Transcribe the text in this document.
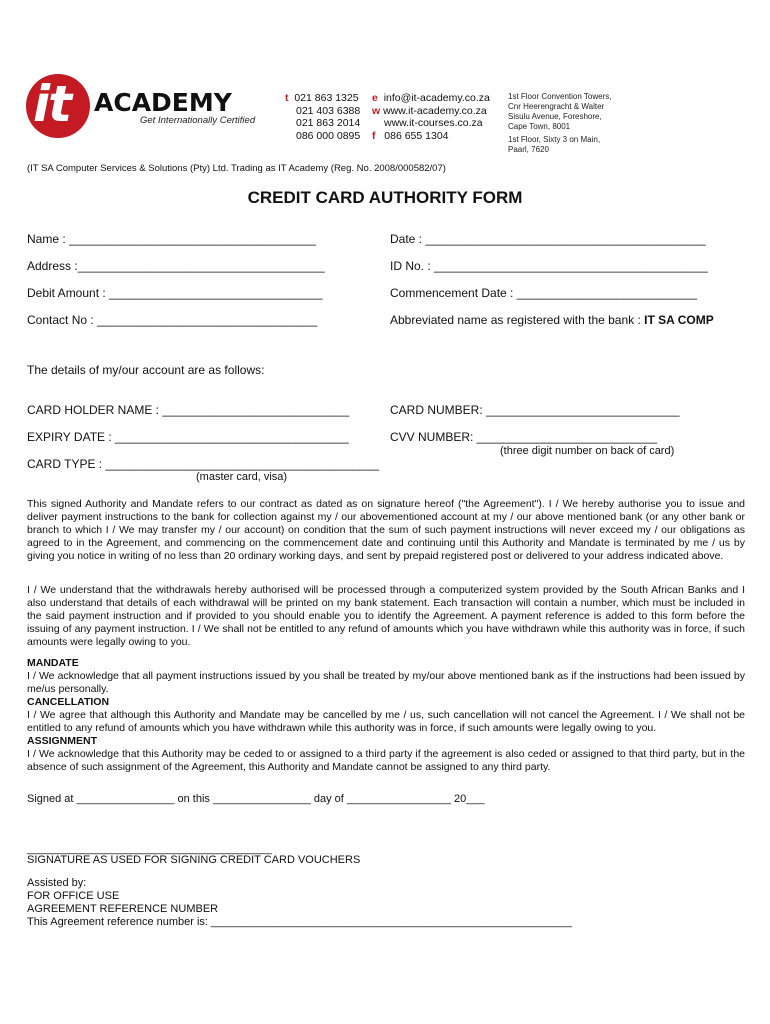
it ACADEMY
Get Internationally Certified
t 021 863 1325
021 403 6388
021 863 2014
086 000 0895
e info@it-academy.co.za
w www.it-academy.co.za
www.it-courses.co.za
f 086 655 1304
1st Floor Convention Towers,
Cnr Heerengracht & Walter
Sisulu Avenue, Foreshore,
Cape Town, 8001
1st Floor, Sixty 3 on Main,
Paarl, 7620
(IT SA Computer Services & Solutions (Pty) Ltd. Trading as IT Academy (Reg. No. 2008/000582/07)
CREDIT CARD AUTHORITY FORM
Name : _____________________________________	Date : __________________________________________
Address :_____________________________________	ID No. : _________________________________________
Debit Amount : ________________________________	Commencement Date : ___________________________
Contact No : _________________________________	Abbreviated name as registered with the bank : IT SA COMP
The details of my/our account are as follows:
CARD HOLDER NAME : ____________________________	CARD NUMBER: _____________________________
EXPIRY DATE : ___________________________________	CVV NUMBER: ___________________________
(three digit number on back of card)
CARD TYPE : _________________________________________
(master card, visa)
This signed Authority and Mandate refers to our contract as dated as on signature hereof ("the Agreement"). I / We hereby authorise you to issue and deliver payment instructions to the bank for collection against my / our abovementioned account at my / our above mentioned bank (or any other bank or branch to which I / We may transfer my / our account) on condition that the sum of such payment instructions will never exceed my / our obligations as agreed to in the Agreement, and commencing on the commencement date and continuing until this Authority and Mandate is terminated by me / us by giving you notice in writing of no less than 20 ordinary working days, and sent by prepaid registered post or delivered to your address indicated above.
I / We understand that the withdrawals hereby authorised will be processed through a computerized system provided by the South African Banks and I also understand that details of each withdrawal will be printed on my bank statement. Each transaction will contain a number, which must be included in the said payment instruction and if provided to you should enable you to identify the Agreement. A payment reference is added to this form before the issuing of any payment instruction. I / We shall not be entitled to any refund of amounts which you have withdrawn while this authority was in force, if such amounts were legally owing to you.

MANDATE

I / We acknowledge that all payment instructions issued by you shall be treated by my/our above mentioned bank as if the instructions had been issued by me/us personally.

CANCELLATION

I / We agree that although this Authority and Mandate may be cancelled by me / us, such cancellation will not cancel the Agreement. I / We shall not be entitled to any refund of amounts which you have withdrawn while this authority was in force, if such amounts were legally owing to you.

ASSIGNMENT

I / We acknowledge that this Authority may be ceded to or assigned to a third party if the agreement is also ceded or assigned to that third party, but in the absence of such assignment of the Agreement, this Authority and Mandate cannot be assigned to any third party.

Signed at ________________ on this ________________ day of _________________ 20___
________________________________________
SIGNATURE AS USED FOR SIGNING CREDIT CARD VOUCHERS
Assisted by:
FOR OFFICE USE
AGREEMENT REFERENCE NUMBER
This Agreement reference number is: ___________________________________________________________
